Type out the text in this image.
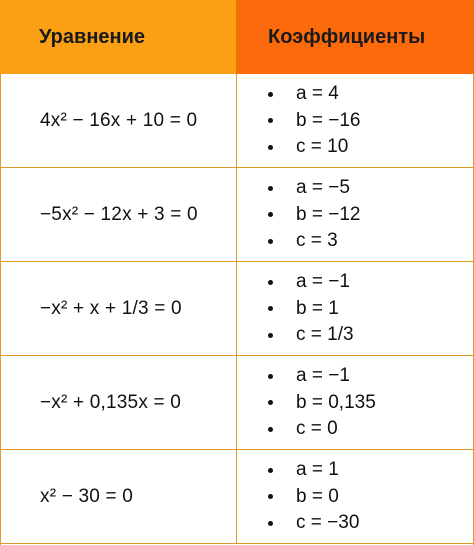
Уравнение	Коэффициенты
4x² − 16x + 10 = 0
a = 4
b = −16
c = 10
−5x² − 12x + 3 = 0
a = −5
b = −12
c = 3
−x² + x + 1/3 = 0
a = −1
b = 1
c = 1/3
−x² + 0,135x = 0
a = −1
b = 0,135
c = 0
x² − 30 = 0
a = 1
b = 0
c = −30
